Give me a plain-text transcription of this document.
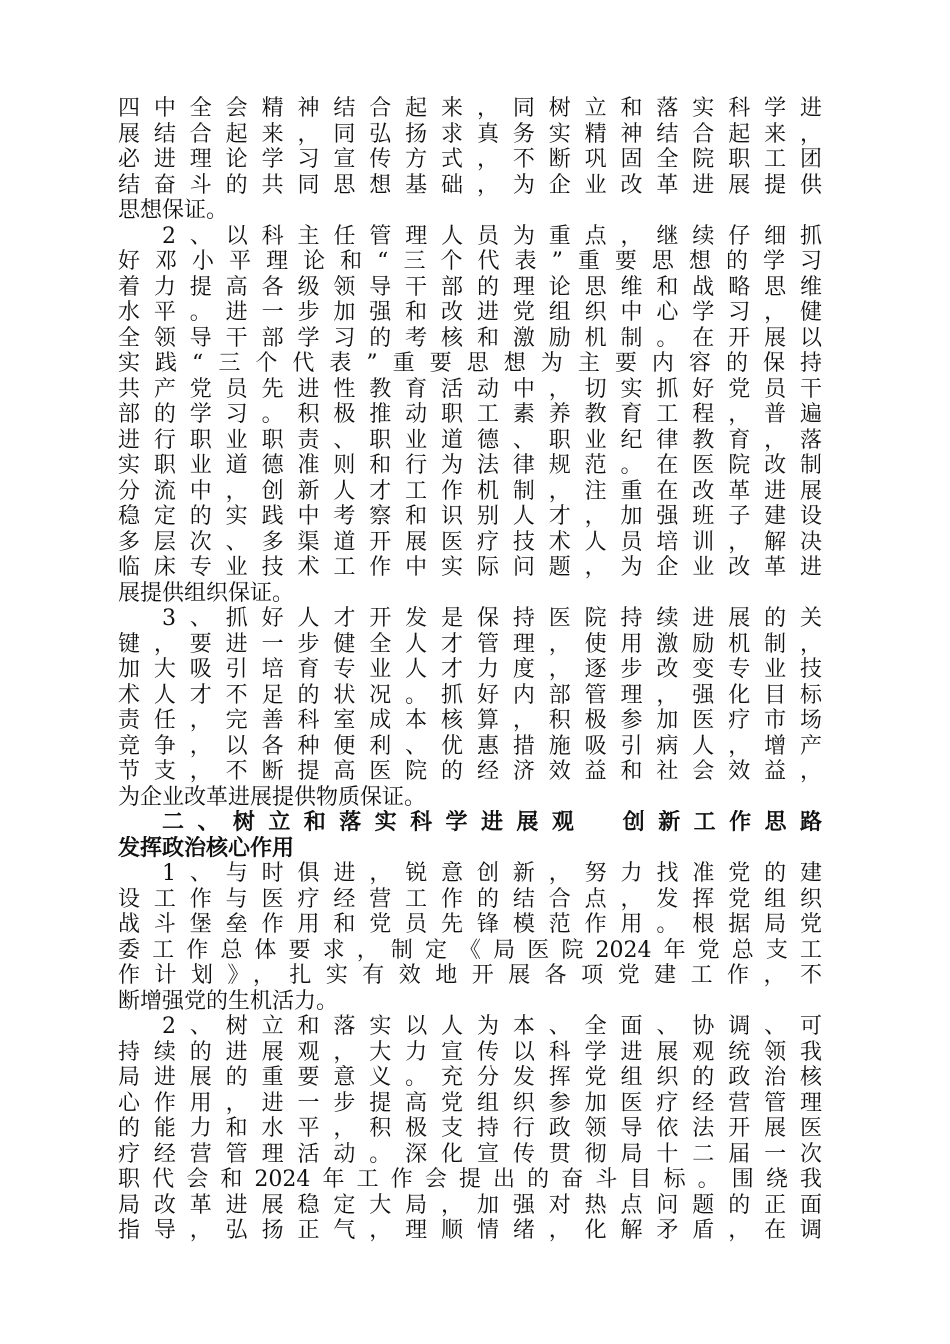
四中全会精神结合起来，同树立和落实科学进
展结合起来，同弘扬求真务实精神结合起来，
必进理论学习宣传方式，不断巩固全院职工团
结奋斗的共同思想基础，为企业改革进展提供
思想保证。
2、以科主任管理人员为重点，继续仔细抓
好邓小平理论和“三个代表”重要思想的学习
着力提高各级领导干部的理论思维和战略思维
水平。进一步加强和改进党组织中心学习，健
全领导干部学习的考核和激励机制。在开展以
实践“三个代表”重要思想为主要内容的保持
共产党员先进性教育活动中，切实抓好党员干
部的学习。积极推动职工素养教育工程，普遍
进行职业职责、职业道德、职业纪律教育，落
实职业道德准则和行为法律规范。在医院改制
分流中，创新人才工作机制，注重在改革进展
稳定的实践中考察和识别人才，加强班子建设
多层次、多渠道开展医疗技术人员培训，解决
临床专业技术工作中实际问题，为企业改革进
展提供组织保证。
3、抓好人才开发是保持医院持续进展的关
键，要进一步健全人才管理，使用激励机制，
加大吸引培育专业人才力度，逐步改变专业技
术人才不足的状况。抓好内部管理，强化目标
责任，完善科室成本核算，积极参加医疗市场
竞争，以各种便利、优惠措施吸引病人，增产
节支，不断提高医院的经济效益和社会效益，
为企业改革进展提供物质保证。
二、树立和落实科学进展观　创新工作思路
发挥政治核心作用
1、与时俱进，锐意创新，努力找准党的建
设工作与医疗经营工作的结合点，发挥党组织
战斗堡垒作用和党员先锋模范作用。根据局党
委工作总体要求，制定《局医院2024年党总支工
作计划》，扎实有效地开展各项党建工作，不
断增强党的生机活力。
2、树立和落实以人为本、全面、协调、可
持续的进展观，大力宣传以科学进展观统领我
局进展的重要意义。充分发挥党组织的政治核
心作用，进一步提高党组织参加医疗经营管理
的能力和水平，积极支持行政领导依法开展医
疗经营管理活动。深化宣传贯彻局十二届一次
职代会和2024年工作会提出的奋斗目标。围绕我
局改革进展稳定大局，加强对热点问题的正面
指导，弘扬正气，理顺情绪，化解矛盾，在调
